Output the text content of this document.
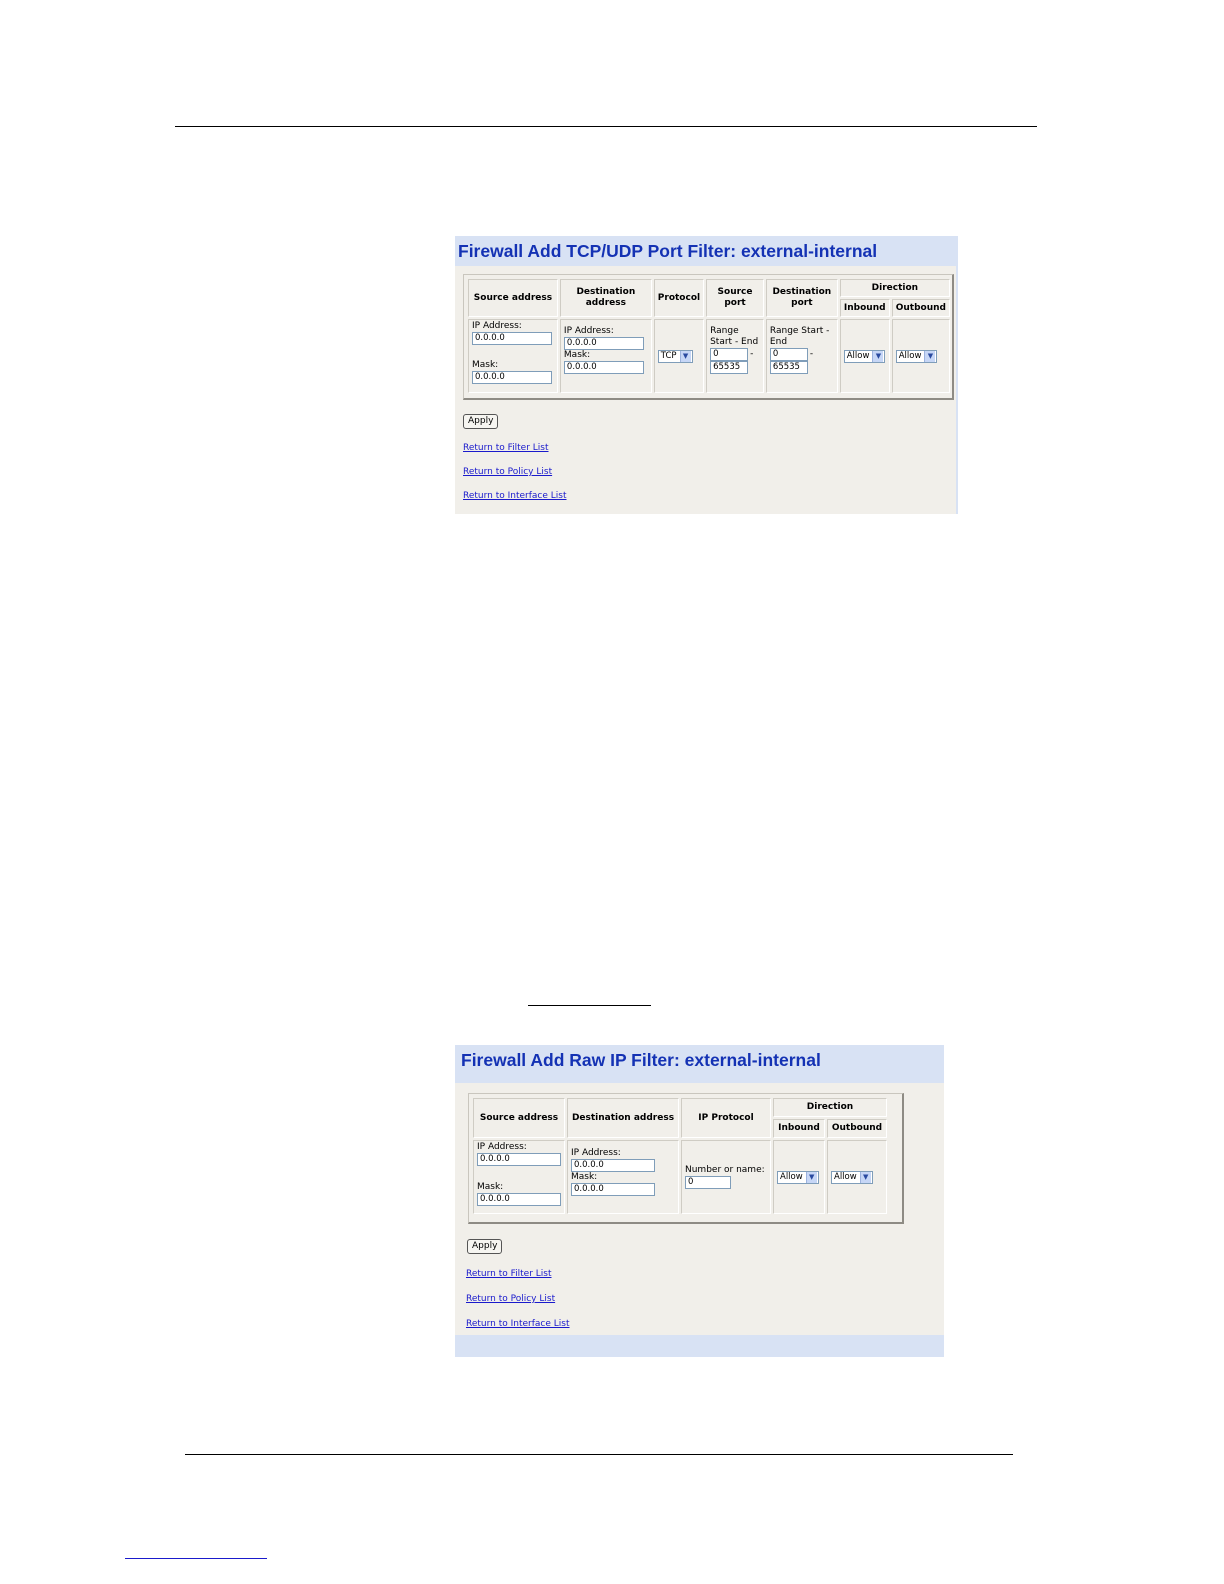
Firewall Add TCP/UDP Port Filter: external-internal
Source address	Destination address	Protocol	Source port	Destination port	Direction	
					Inbound	Outbound
IP Address:
0.0.0.0
Mask:
0.0.0.0	IP Address:
0.0.0.0
Mask:
0.0.0.0	TCP ▼	Range Start - End
0 -
65535	Range Start - End
0 -
65535	Allow ▼	Allow ▼
Apply
Return to Filter List
Return to Policy List
Return to Interface List
Firewall Add Raw IP Filter: external-internal
Source address	Destination address	IP Protocol	Direction	
			Inbound	Outbound
IP Address:
0.0.0.0
Mask:
0.0.0.0	IP Address:
0.0.0.0
Mask:
0.0.0.0	Number or name:
0	Allow ▼	Allow ▼
Apply
Return to Filter List
Return to Policy List
Return to Interface List
